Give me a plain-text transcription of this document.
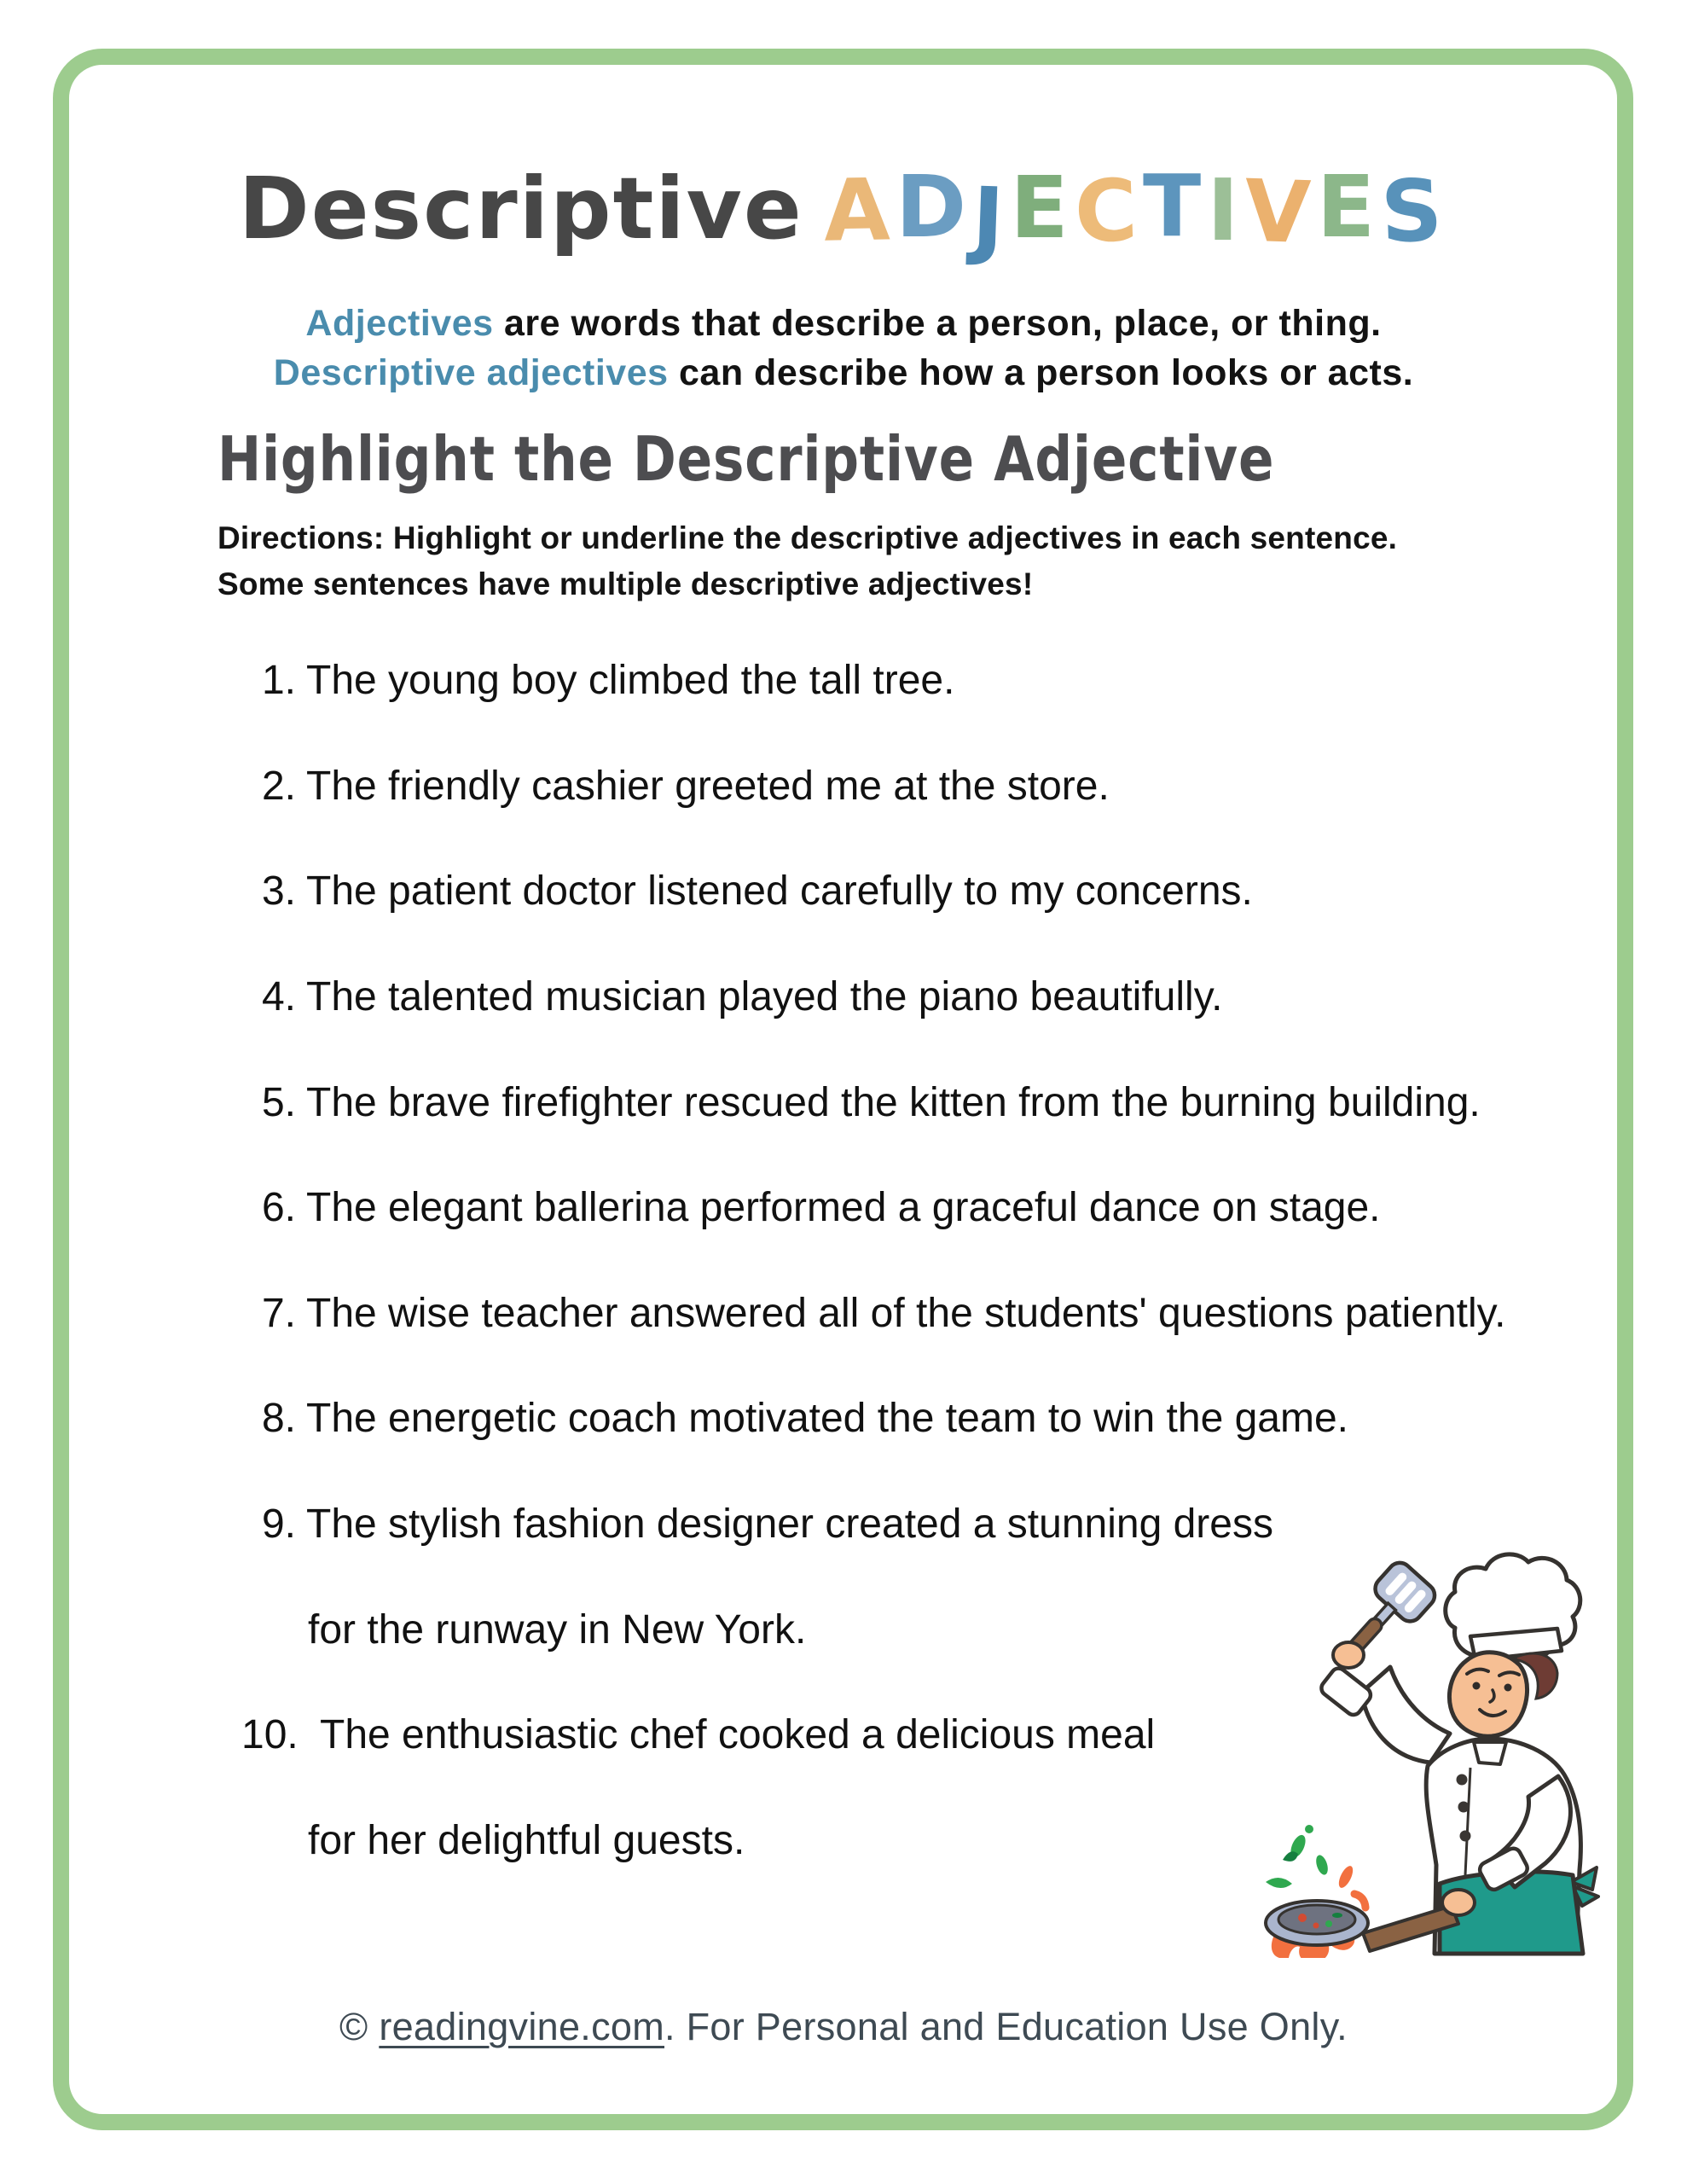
Descriptive ADJECTIVES
Adjectives are words that describe a person, place, or thing.
Descriptive adjectives can describe how a person looks or acts.
Highlight the Descriptive Adjective
Directions: Highlight or underline the descriptive adjectives in each sentence.
Some sentences have multiple descriptive adjectives!
1. The young boy climbed the tall tree.
2. The friendly cashier greeted me at the store.
3. The patient doctor listened carefully to my concerns.
4. The talented musician played the piano beautifully.
5. The brave firefighter rescued the kitten from the burning building.
6. The elegant ballerina performed a graceful dance on stage.
7. The wise teacher answered all of the students' questions patiently.
8. The energetic coach motivated the team to win the game.
9. The stylish fashion designer created a stunning dress
for the runway in New York.
10. The enthusiastic chef cooked a delicious meal
for her delightful guests.
© readingvine.com. For Personal and Education Use Only.
